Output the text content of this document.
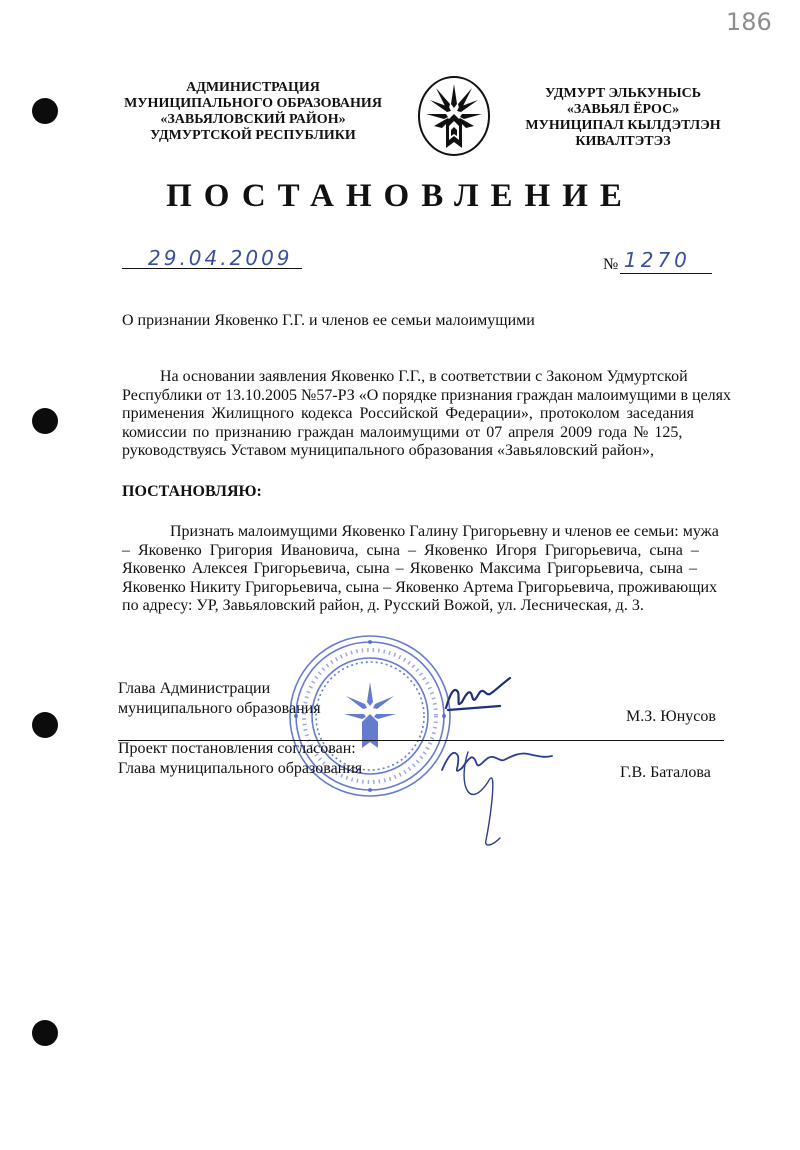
186
АДМИНИСТРАЦИЯ
МУНИЦИПАЛЬНОГО ОБРАЗОВАНИЯ
«ЗАВЬЯЛОВСКИЙ РАЙОН»
УДМУРТСКОЙ РЕСПУБЛИКИ
УДМУРТ ЭЛЬКУНЫСЬ
«ЗАВЬЯЛ ЁРОС»
МУНИЦИПАЛ КЫЛДЭТЛЭН
КИВАЛТЭТЭЗ
ПОСТАНОВЛЕНИЕ
29.04.2009	№ 1270
О признании Яковенко Г.Г. и членов ее семьи малоимущими
На основании заявления Яковенко Г.Г., в соответствии с Законом Удмуртской
Республики от 13.10.2005 №57-РЗ «О порядке признания граждан малоимущими в целях
применения Жилищного кодекса Российской Федерации», протоколом заседания
комиссии по признанию граждан малоимущими от 07 апреля 2009 года № 125,
руководствуясь Уставом муниципального образования «Завьяловский район»,
ПОСТАНОВЛЯЮ:
Признать малоимущими Яковенко Галину Григорьевну и членов ее семьи: мужа
– Яковенко Григория Ивановича, сына – Яковенко Игоря Григорьевича, сына –
Яковенко Алексея Григорьевича, сына – Яковенко Максима Григорьевича, сына –
Яковенко Никиту Григорьевича, сына – Яковенко Артема Григорьевича, проживающих
по адресу: УР, Завьяловский район, д. Русский Вожой, ул. Лесническая, д. 3.
Глава Администрации
муниципального образования	М.З. Юнусов
Проект постановления согласован:
Глава муниципального образования	Г.В. Баталова
